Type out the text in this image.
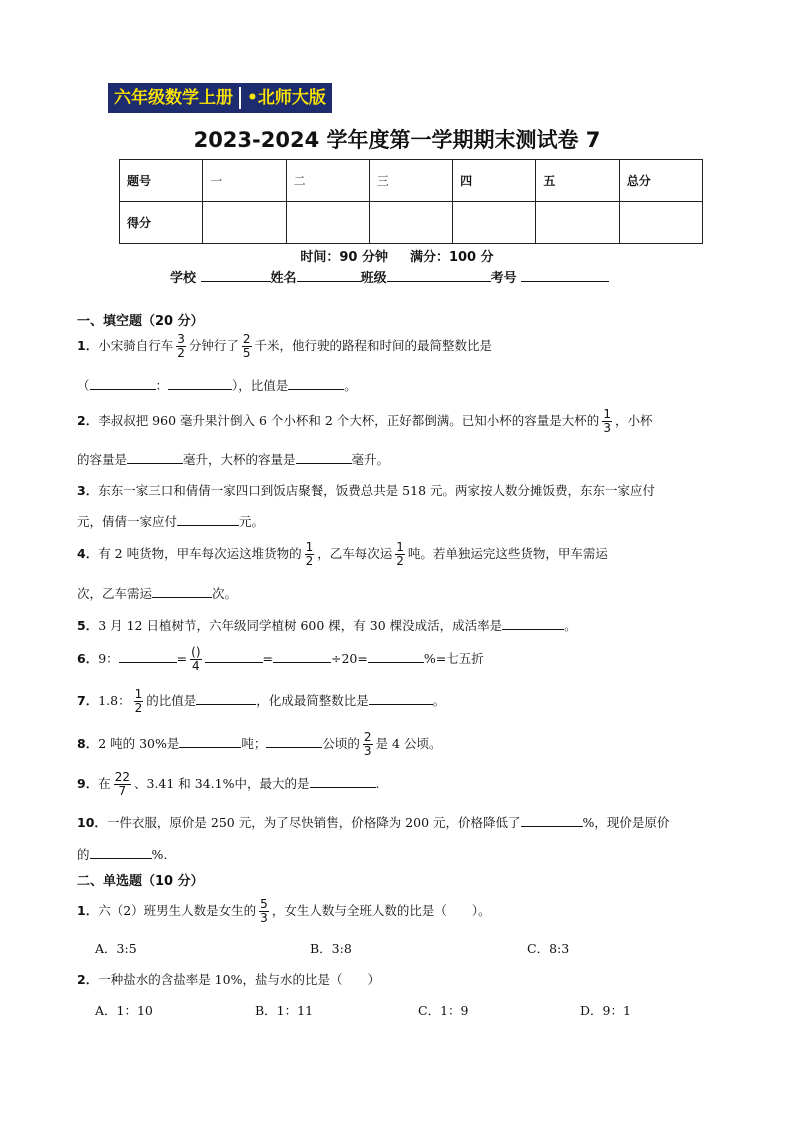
六年级数学上册 •北师大版
2023-2024 学年度第一学期期末测试卷 7
题号	一	二	三	四	五	总分
得分						
时间：90 分钟 满分：100 分
学校	姓名	班级	考号
一、填空题（20 分）
1．小宋骑自行车 $\frac{3}{2}$ 分钟行了 $\frac{2}{5}$ 千米，他行驶的路程和时间的最简整数比是
（	：	），比值是	。
2．李叔叔把 960 毫升果汁倒入 6 个小杯和 2 个大杯，正好都倒满。已知小杯的容量是大杯的 $\frac{1}{3}$ ，小杯
的容量是	毫升，大杯的容量是	毫升。
3．东东一家三口和倩倩一家四口到饭店聚餐，饭费总共是 518 元。两家按人数分摊饭费，东东一家应付
元，倩倩一家应付	元。
4．有 2 吨货物，甲车每次运这堆货物的 $\frac{1}{2}$ ，乙车每次运 $\frac{1}{2}$ 吨。若单独运完这些货物，甲车需运
次，乙车需运	次。
5．3 月 12 日植树节，六年级同学植树 600 棵，有 30 棵没成活，成活率是	。
6．9：	= $\frac{()}{4}$	=	÷20=	%=七五折
7．1.8： $\frac{1}{2}$ 的比值是	，化成最简整数比是	。
8．2 吨的 30%是	吨；	公顷的 $\frac{2}{3}$ 是 4 公顷。
9．在 $\frac{22}{7}$ 、3.41 和 34.1%中，最大的是	.
10．一件衣服，原价是 250 元，为了尽快销售，价格降为 200 元，价格降低了	%，现价是原价
的	%.
二、单选题（10 分）
1．六（2）班男生人数是女生的 $\frac{5}{3}$ ，女生人数与全班人数的比是（　　）。
A．3:5	B．3:8	C．8:3
2．一种盐水的含盐率是 10%，盐与水的比是（　　）
A．1：10	B．1：11	C．1：9	D．9：1
